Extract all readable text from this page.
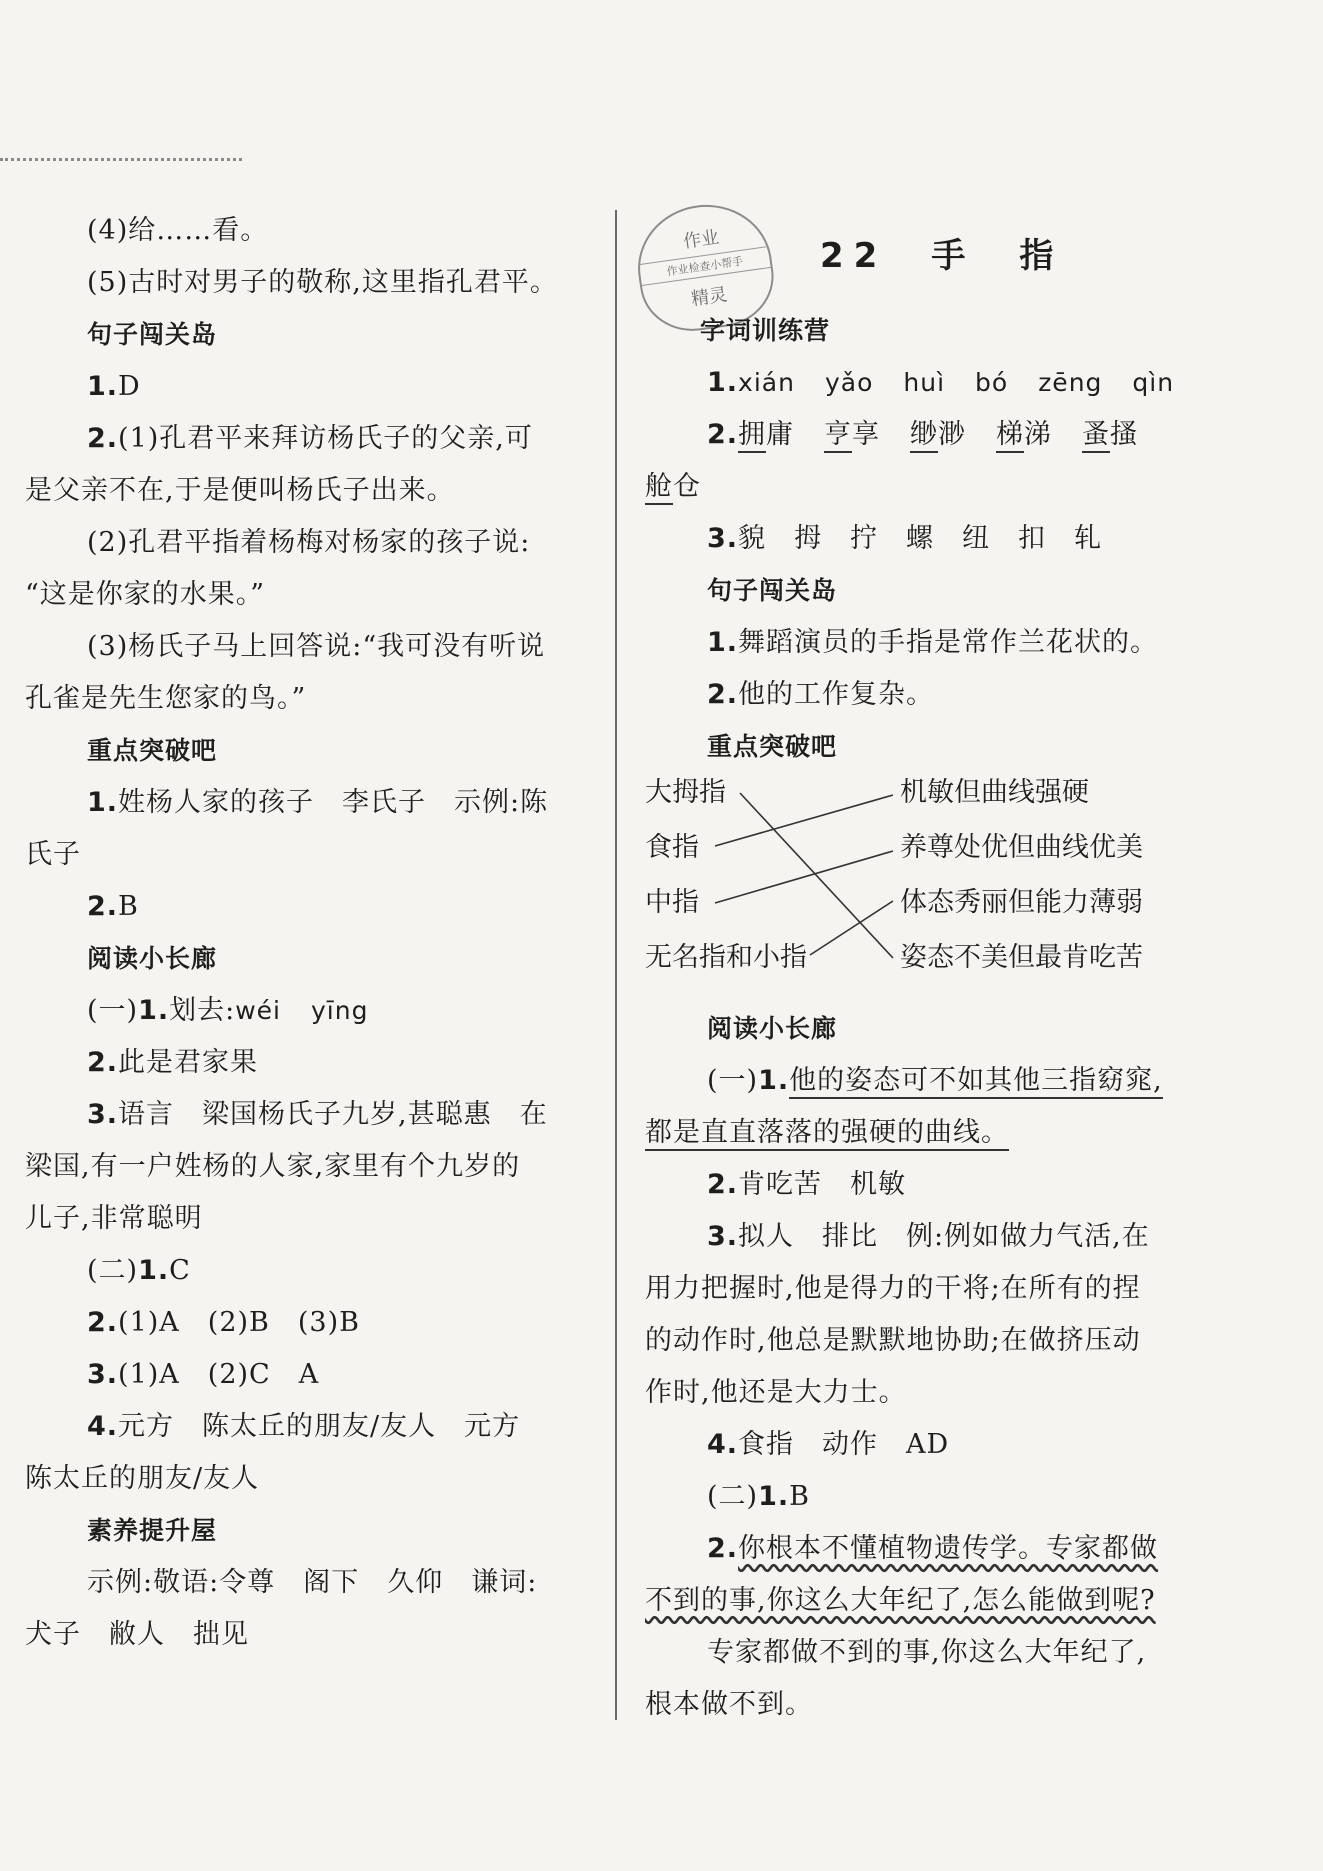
(4)给……看。
(5)古时对男子的敬称,这里指孔君平。
句子闯关岛
1.D
2.(1)孔君平来拜访杨氏子的父亲,可
是父亲不在,于是便叫杨氏子出来。
(2)孔君平指着杨梅对杨家的孩子说:
“这是你家的水果。”
(3)杨氏子马上回答说:“我可没有听说
孔雀是先生您家的鸟。”
重点突破吧
1.姓杨人家的孩子　李氏子　示例:陈
氏子
2.B
阅读小长廊
(一)1.划去:wéi yīng
2.此是君家果
3.语言　梁国杨氏子九岁,甚聪惠　在
梁国,有一户姓杨的人家,家里有个九岁的
儿子,非常聪明
(二)1.C
2.(1)A　(2)B　(3)B
3.(1)A　(2)C　A
4.元方　陈太丘的朋友/友人　元方
陈太丘的朋友/友人
素养提升屋
示例:敬语:令尊　阁下　久仰　谦词:
犬子　敝人　拙见
作业
作业检查小帮手
精灵
22　手　指
字词训练营
1.xián yǎo huì bó zēng qìn
2.拥庸 亨享 缈渺 梯涕 蚤搔
舱仓
3.貌　拇　拧　螺　纽　扣　轧
句子闯关岛
1.舞蹈演员的手指是常作兰花状的。
2.他的工作复杂。
重点突破吧
大拇指
食指
中指
无名指和小指
机敏但曲线强硬
养尊处优但曲线优美
体态秀丽但能力薄弱
姿态不美但最肯吃苦
阅读小长廊
(一)1.他的姿态可不如其他三指窈窕,
都是直直落落的强硬的曲线。
2.肯吃苦　机敏
3.拟人　排比　例:例如做力气活,在
用力把握时,他是得力的干将;在所有的捏
的动作时,他总是默默地协助;在做挤压动
作时,他还是大力士。
4.食指　动作　AD
(二)1.B
2.你根本不懂植物遗传学。专家都做
不到的事,你这么大年纪了,怎么能做到呢?
专家都做不到的事,你这么大年纪了,
根本做不到。
